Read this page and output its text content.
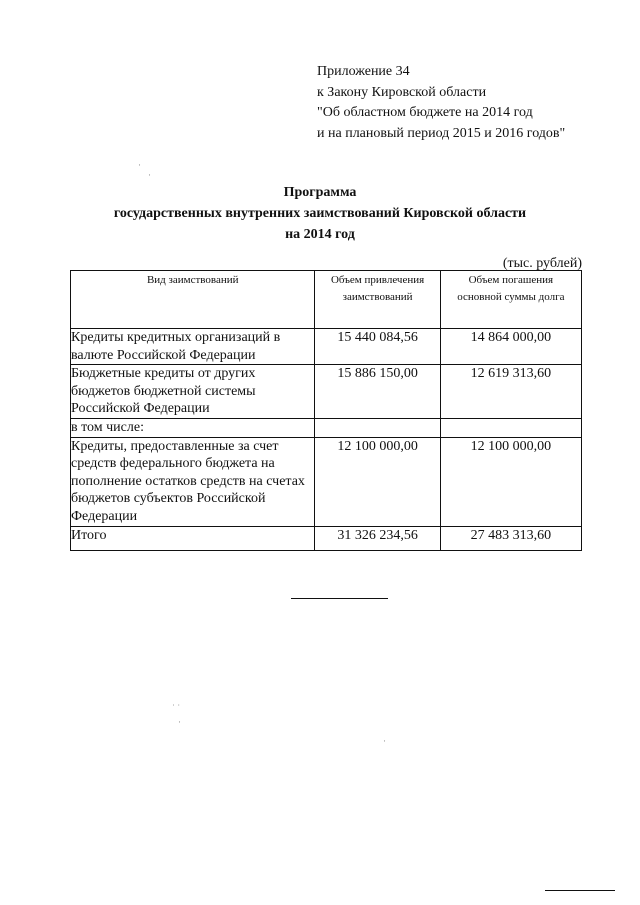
Приложение 34
к Закону Кировской области
"Об областном бюджете на 2014 год
и на плановый период 2015 и 2016 годов"
·
·
Программа
государственных внутренних заимствований Кировской области
на 2014 год
(тыс. рублей)
Вид заимствований	Объем привлечения заимствований	Объем погашения основной суммы долга

Кредиты кредитных организаций в валюте Российской Федерации	15 440 084,56	14 864 000,00
Бюджетные кредиты от других бюджетов бюджетной системы Российской Федерации	15 886 150,00	12 619 313,60
в том числе:		
Кредиты, предоставленные за счет средств федерального бюджета на пополнение остатков средств на счетах бюджетов субъектов Российской Федерации	12 100 000,00	12 100 000,00
Итого	31 326 234,56	27 483 313,60
˙ ˙
·
·
